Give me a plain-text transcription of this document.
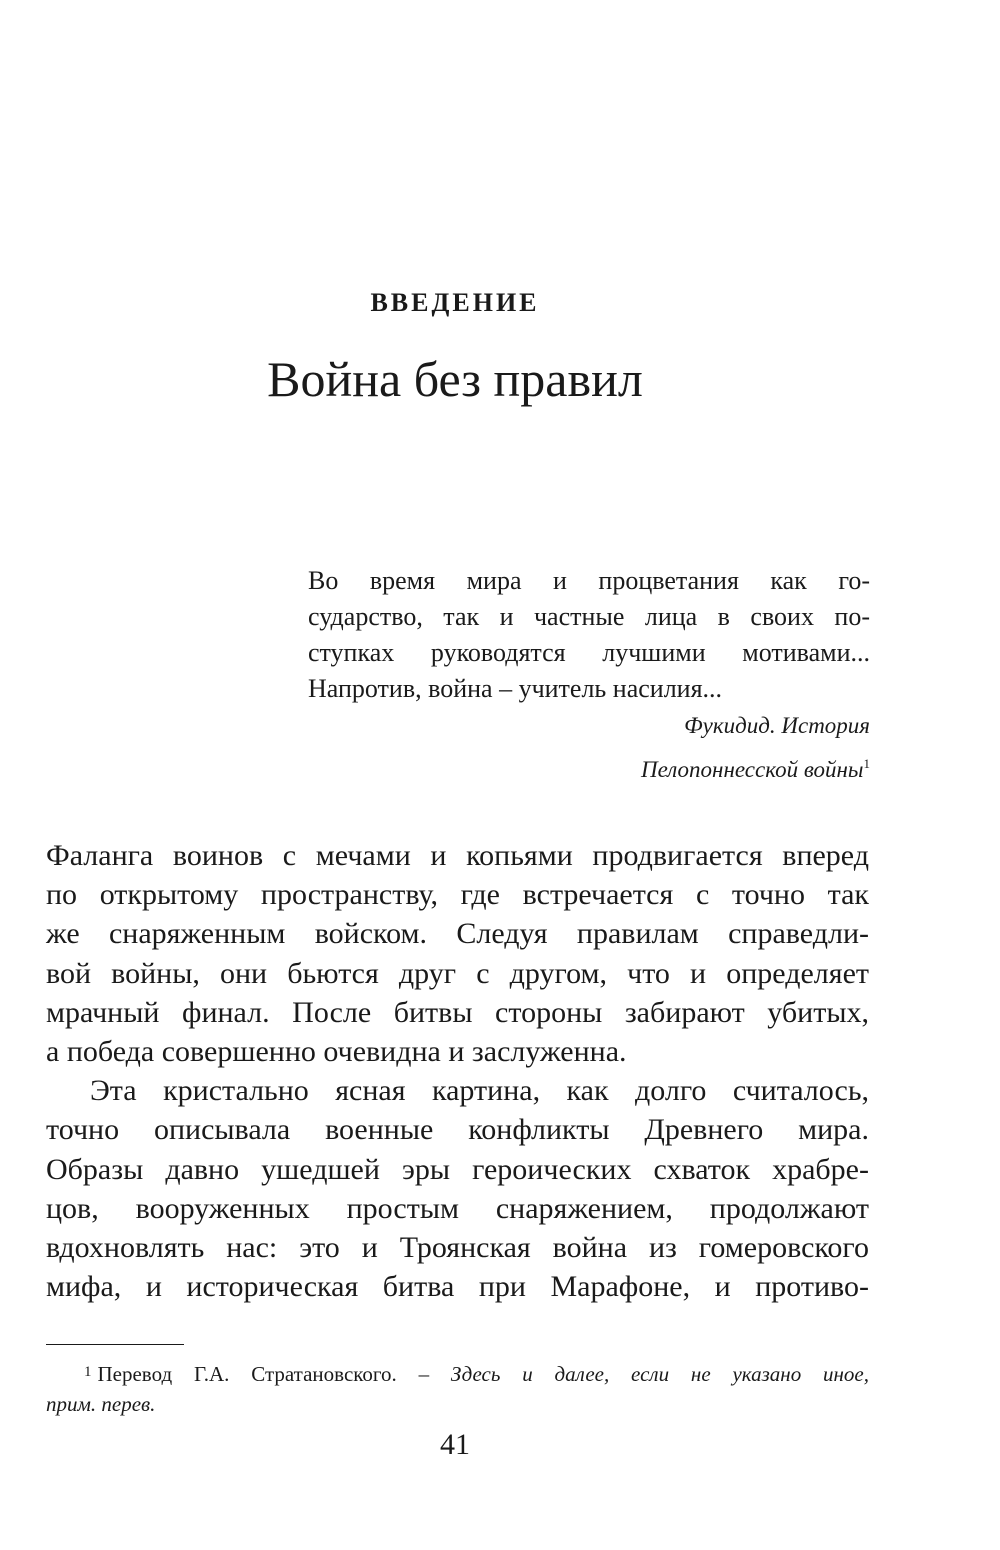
ВВЕДЕНИЕ
Война без правил
Во время мира и процветания как го-
сударство, так и частные лица в своих по-
ступках руководятся лучшими мотивами...
Напротив, война – учитель насилия...
Фукидид. История
Пелопоннесской войны$^1$
Фаланга воинов с мечами и копьями продвигается вперед
по открытому пространству, где встречается с точно так
же снаряженным войском. Следуя правилам справедли-
вой войны, они бьются друг с другом, что и определяет
мрачный финал. После битвы стороны забирают убитых,
а победа совершенно очевидна и заслуженна.
Эта кристально ясная картина, как долго считалось,
точно описывала военные конфликты Древнего мира.
Образы давно ушедшей эры героических схваток храбре-
цов, вооруженных простым снаряжением, продолжают
вдохновлять нас: это и Троянская война из гомеровского
мифа, и историческая битва при Марафоне, и противо-
$^1$ Перевод Г.А. Стратановского. – Здесь и далее, если не указано иное,
прим. перев.
41
